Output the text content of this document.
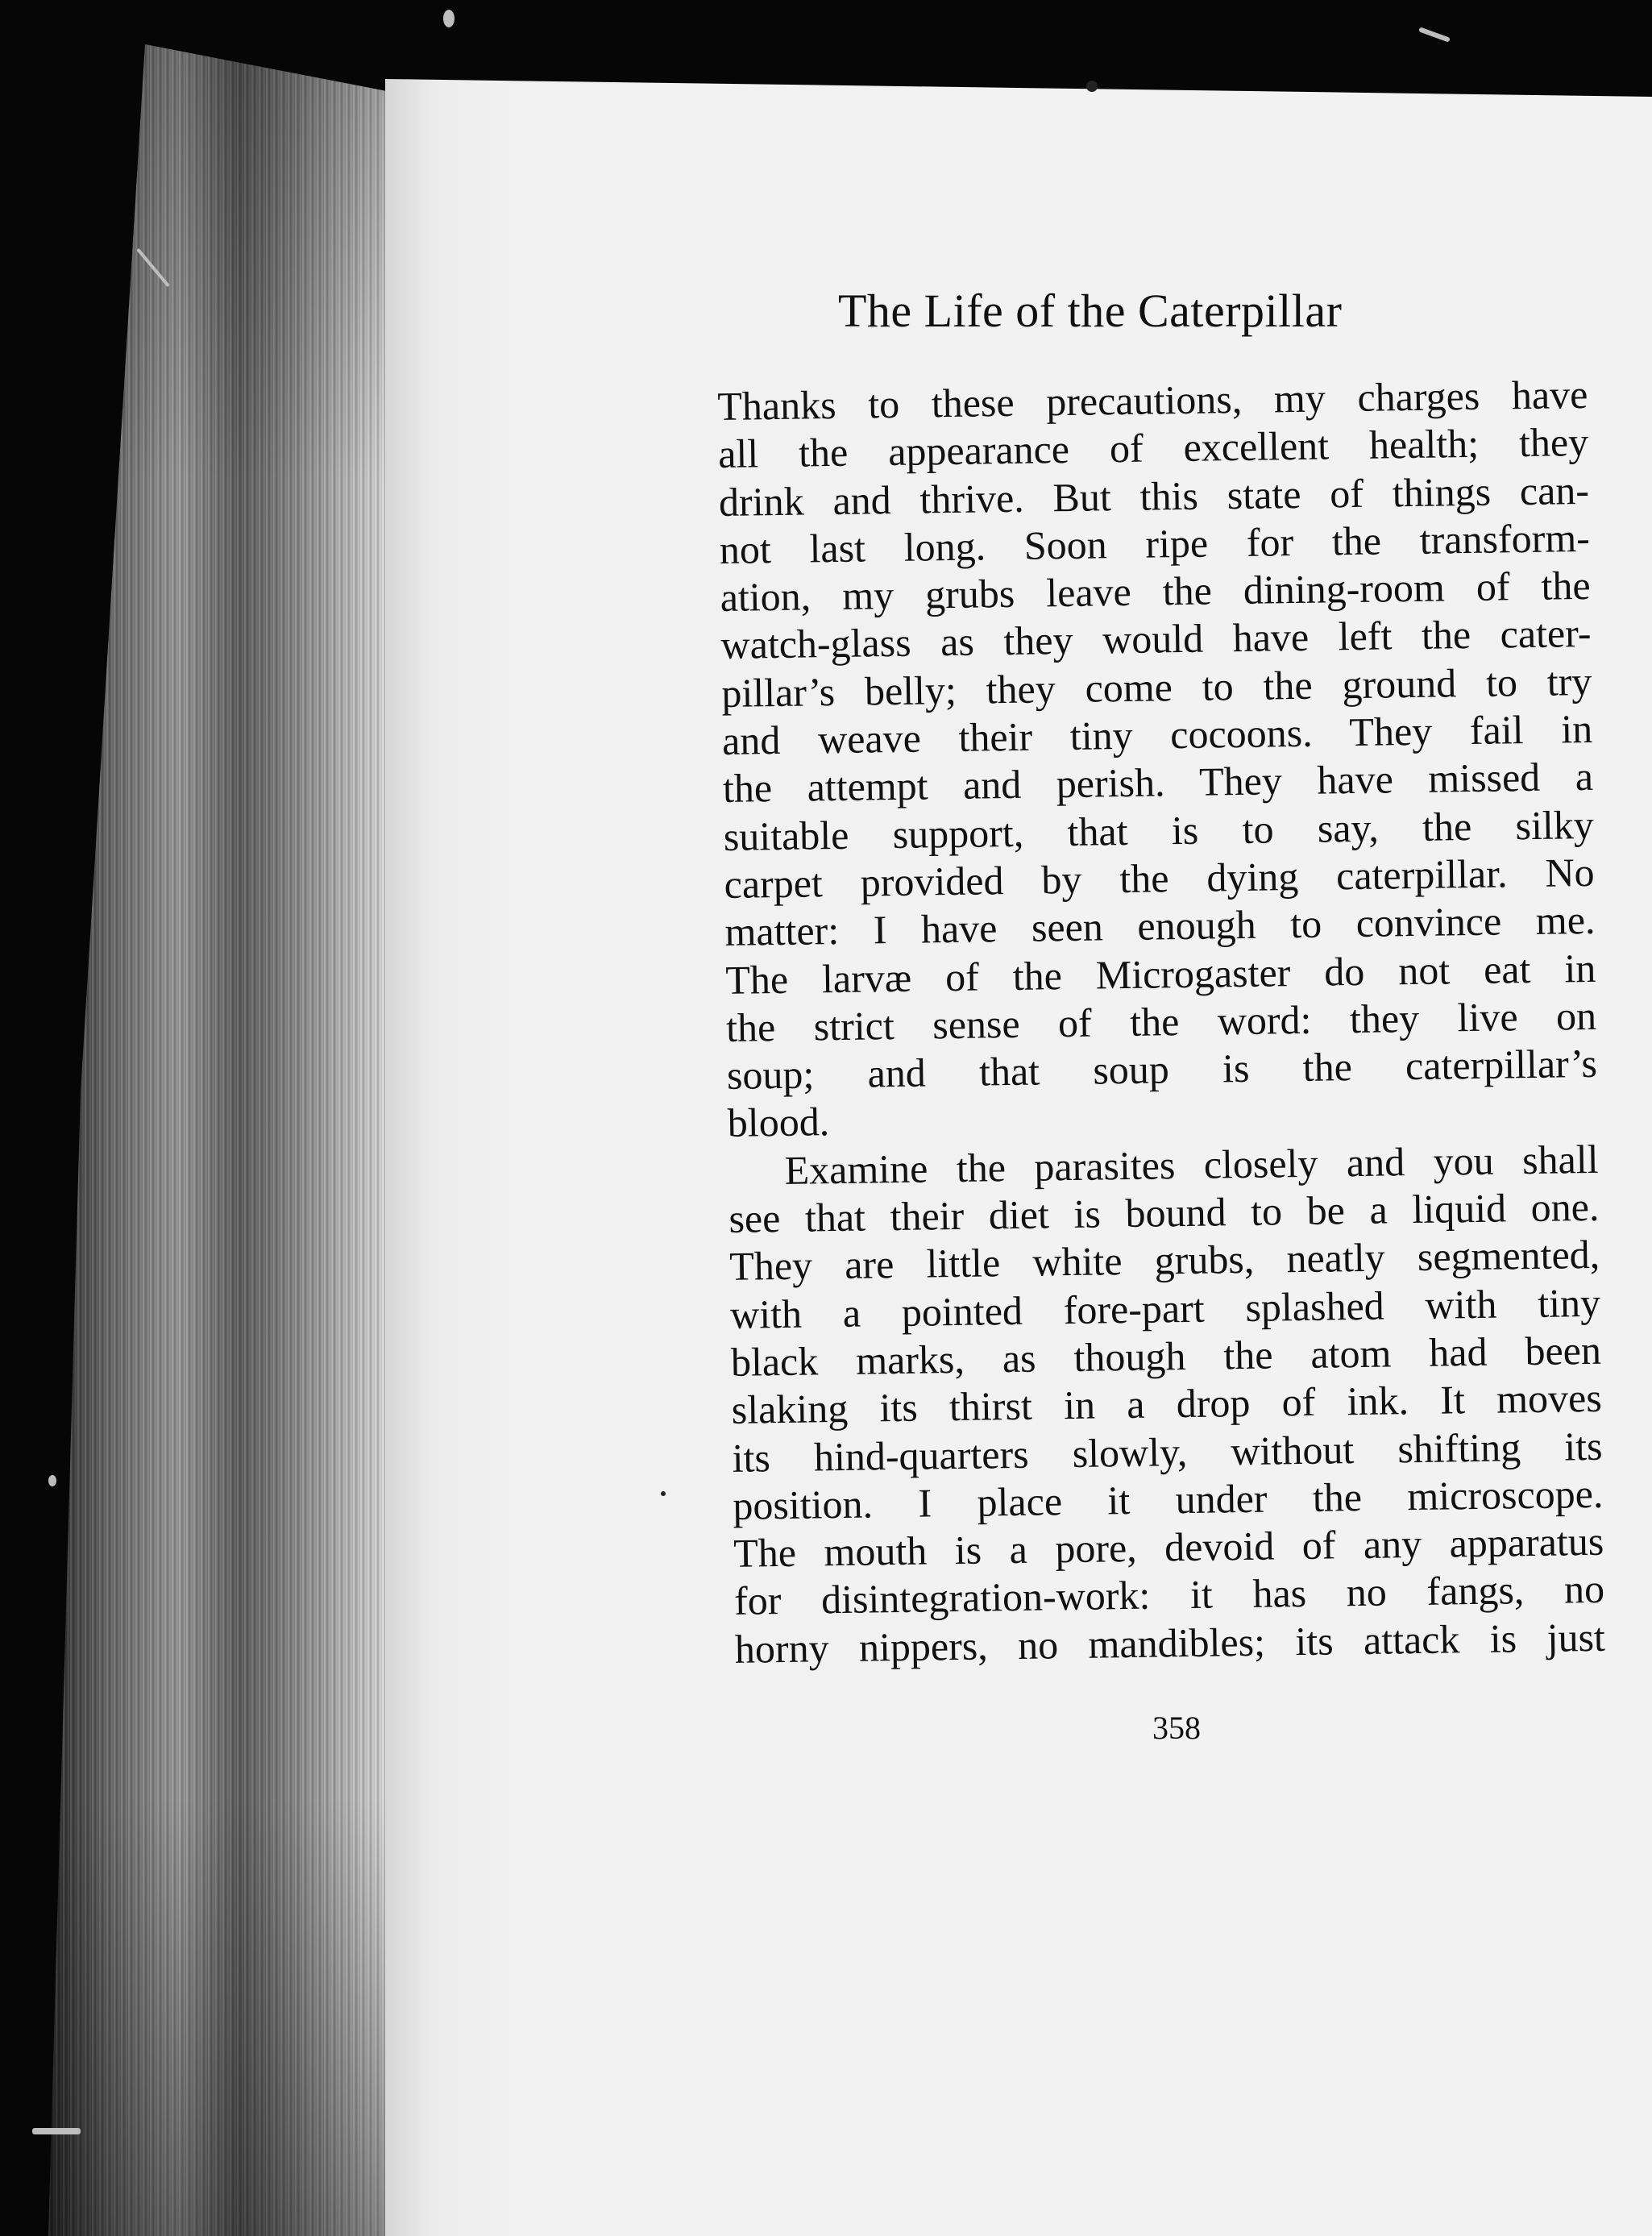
The Life of the Caterpillar
Thanks to these precautions, my charges have
all the appearance of excellent health; they
drink and thrive. But this state of things can-
not last long. Soon ripe for the transform-
ation, my grubs leave the dining-room of the
watch-glass as they would have left the cater-
pillar’s belly; they come to the ground to try
and weave their tiny cocoons. They fail in
the attempt and perish. They have missed a
suitable support, that is to say, the silky
carpet provided by the dying caterpillar. No
matter: I have seen enough to convince me.
The larvæ of the Microgaster do not eat in
the strict sense of the word: they live on
soup; and that soup is the caterpillar’s
blood.
Examine the parasites closely and you shall
see that their diet is bound to be a liquid one.
They are little white grubs, neatly segmented,
with a pointed fore-part splashed with tiny
black marks, as though the atom had been
slaking its thirst in a drop of ink. It moves
its hind-quarters slowly, without shifting its
position. I place it under the microscope.
The mouth is a pore, devoid of any apparatus
for disintegration-work: it has no fangs, no
horny nippers, no mandibles; its attack is just
358
